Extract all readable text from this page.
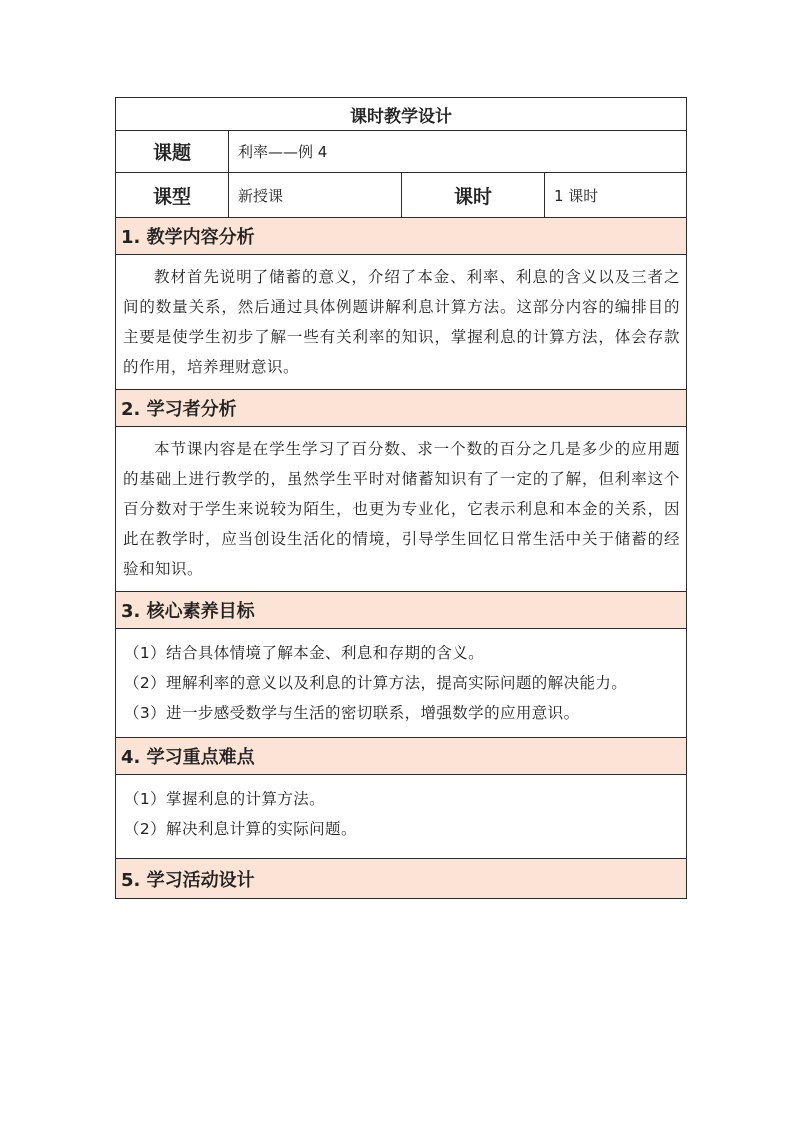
课时教学设计			
课题	利率——例 4		
课型	新授课	课时	1 课时
1. 教学内容分析			

教材首先说明了储蓄的意义，介绍了本金、利率、利息的含义以及三者之间的数量关系，然后通过具体例题讲解利息计算方法。这部分内容的编排目的主要是使学生初步了解一些有关利率的知识，掌握利息的计算方法，体会存款的作用，培养理财意识。			

2. 学习者分析			

本节课内容是在学生学习了百分数、求一个数的百分之几是多少的应用题的基础上进行教学的，虽然学生平时对储蓄知识有了一定的了解，但利率这个百分数对于学生来说较为陌生，也更为专业化，它表示利息和本金的关系，因此在教学时，应当创设生活化的情境，引导学生回忆日常生活中关于储蓄的经验和知识。			

3. 核心素养目标			

（1）结合具体情境了解本金、利息和存期的含义。

（2）理解利率的意义以及利息的计算方法，提高实际问题的解决能力。

（3）进一步感受数学与生活的密切联系，增强数学的应用意识。			

4. 学习重点难点			

（1）掌握利息的计算方法。

（2）解决利息计算的实际问题。			

5. 学习活动设计			
